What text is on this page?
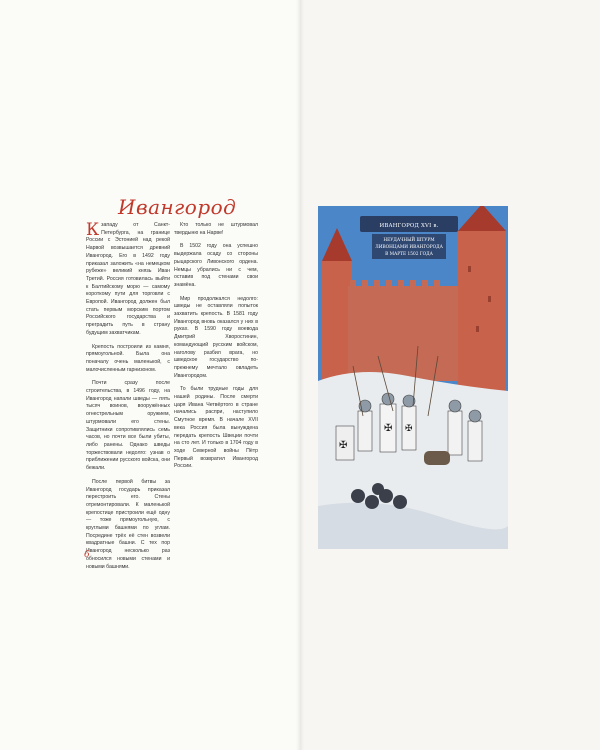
Ивангород

Кзападу от Санкт-Петербурга, на границе России с Эстонией над рекой Нарвой возвышается древний Ивангород. Его в 1492 году приказал заложить «на немецком рубеже» великий князь Иван Третий. Россия готовилась выйти к Балтийскому морю — самому короткому пути для торговли с Европой. Ивангород должен был стать первым морским портом Российского государства и преградить путь в страну будущим захватчикам.

Крепость построили из камня, прямоугольной. Была она поначалу очень маленькой, с малочисленным гарнизоном.

Почти сразу после строительства, в 1496 году, на Ивангород напали шведы — пять тысяч воинов, вооружённых огнестрельным оружием, штурмовали его стены. Защитники сопротивлялись семь часов, но почти все были убиты, либо ранены. Однако шведы торжествовали недолго: узнав о приближении русского войска, они бежали.

После первой битвы за Ивангород государь приказал перестроить его. Стены отремонтировали. К маленькой крепостице пристроили ещё одну — тоже прямоугольную, с круглыми башнями по углам. Посредине трёх её стен возвели квадратные башни. С тех пор Ивангород несколько раз обносился новыми стенами и новыми башнями.

Кто только не штурмовал твердыню на Нарве!

В 1502 году она успешно выдержала осаду со стороны рыцарского Ливонского ордена. Немцы убрались ни с чем, оставив под стенами свои знамёна.

Мир продолжался недолго: шведы не оставляли попыток захватить крепость. В 1581 году Ивангород вновь оказался у них в руках. В 1590 году воевода Дмитрий Хворостинин, командующий русским войском, наголову разбил врага, но шведское государство по-прежнему мечтало овладеть Ивангородом.

То были трудные годы для нашей родины. После смерти царя Ивана Четвёртого в стране начались распри, наступило Смутное время. В начале XVII века Россия была вынуждена передать крепость Швеции почти на сто лет. И только в 1704 году в ходе Северной войны Пётр Первый возвратил Ивангород России.

6
✠ ✠
✠
ИВАНГОРОД XVI в.
НЕУДАЧНЫЙ ШТУРМ
ЛИВОНЦАМИ ИВАНГОРОДА
В МАРТЕ 1502 ГОДА
